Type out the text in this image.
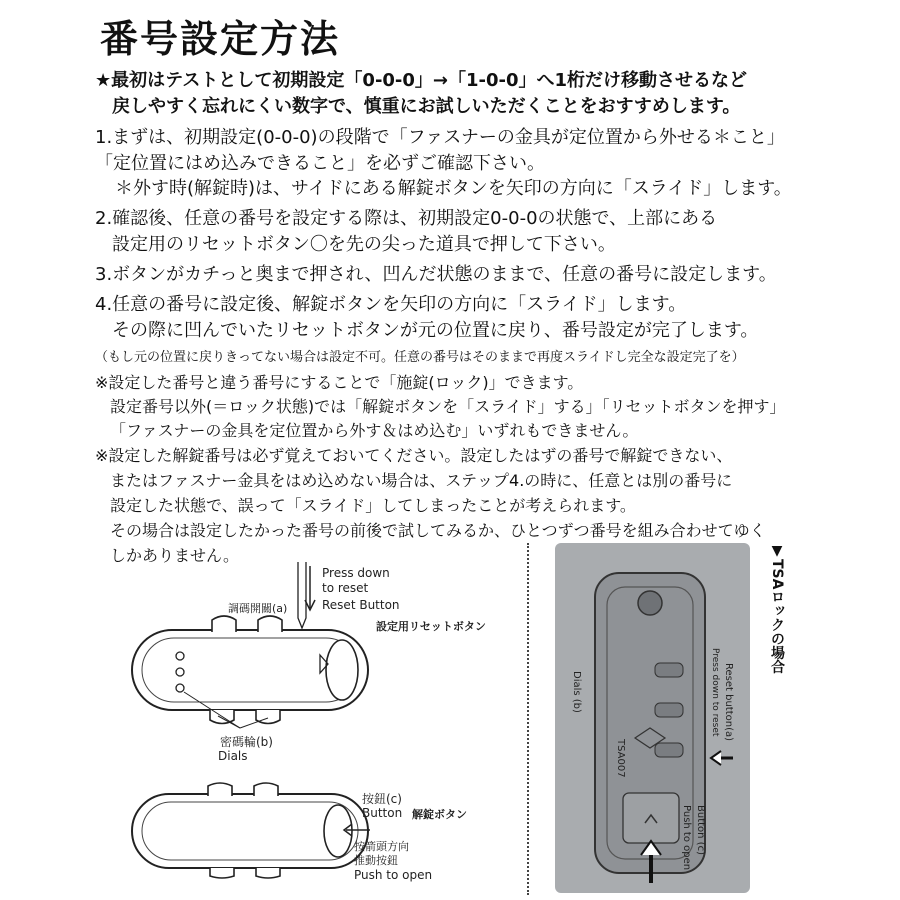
番号設定方法
★最初はテストとして初期設定「0-0-0」→「1-0-0」へ1桁だけ移動させるなど
戻しやすく忘れにくい数字で、慎重にお試しいただくことをおすすめします。
1.まずは、初期設定(0-0-0)の段階で「ファスナーの金具が定位置から外せる＊こと」
「定位置にはめ込みできること」を必ずご確認下さい。
＊外す時(解錠時)は、サイドにある解錠ボタンを矢印の方向に「スライド」します。
2.確認後、任意の番号を設定する際は、初期設定0-0-0の状態で、上部にある
設定用のリセットボタン〇を先の尖った道具で押して下さい。
3.ボタンがカチっと奥まで押され、凹んだ状態のままで、任意の番号に設定します。
4.任意の番号に設定後、解錠ボタンを矢印の方向に「スライド」します。
その際に凹んでいたリセットボタンが元の位置に戻り、番号設定が完了します。
（もし元の位置に戻りきってない場合は設定不可。任意の番号はそのままで再度スライドし完全な設定完了を）
※設定した番号と違う番号にすることで「施錠(ロック)」できます。
設定番号以外(＝ロック状態)では「解錠ボタンを「スライド」する」「リセットボタンを押す」
「ファスナーの金具を定位置から外す＆はめ込む」いずれもできません。
※設定した解錠番号は必ず覚えておいてください。設定したはずの番号で解錠できない、
またはファスナー金具をはめ込めない場合は、ステップ4.の時に、任意とは別の番号に
設定した状態で、誤って「スライド」してしまったことが考えられます。
その場合は設定したかった番号の前後で試してみるか、ひとつずつ番号を組み合わせてゆく
しかありません。
Press down
to reset
調碼開關(a)	Reset Button
設定用リセットボタン
密碼輪(b)
Dials
按鈕(c)
Button 解錠ボタン
按箭頭方向
推動按鈕
Push to open
Reset button(a)
Press down to reset
Dials (b)
TSA007
Button (c)
Push to open
▼TSAロックの場合
